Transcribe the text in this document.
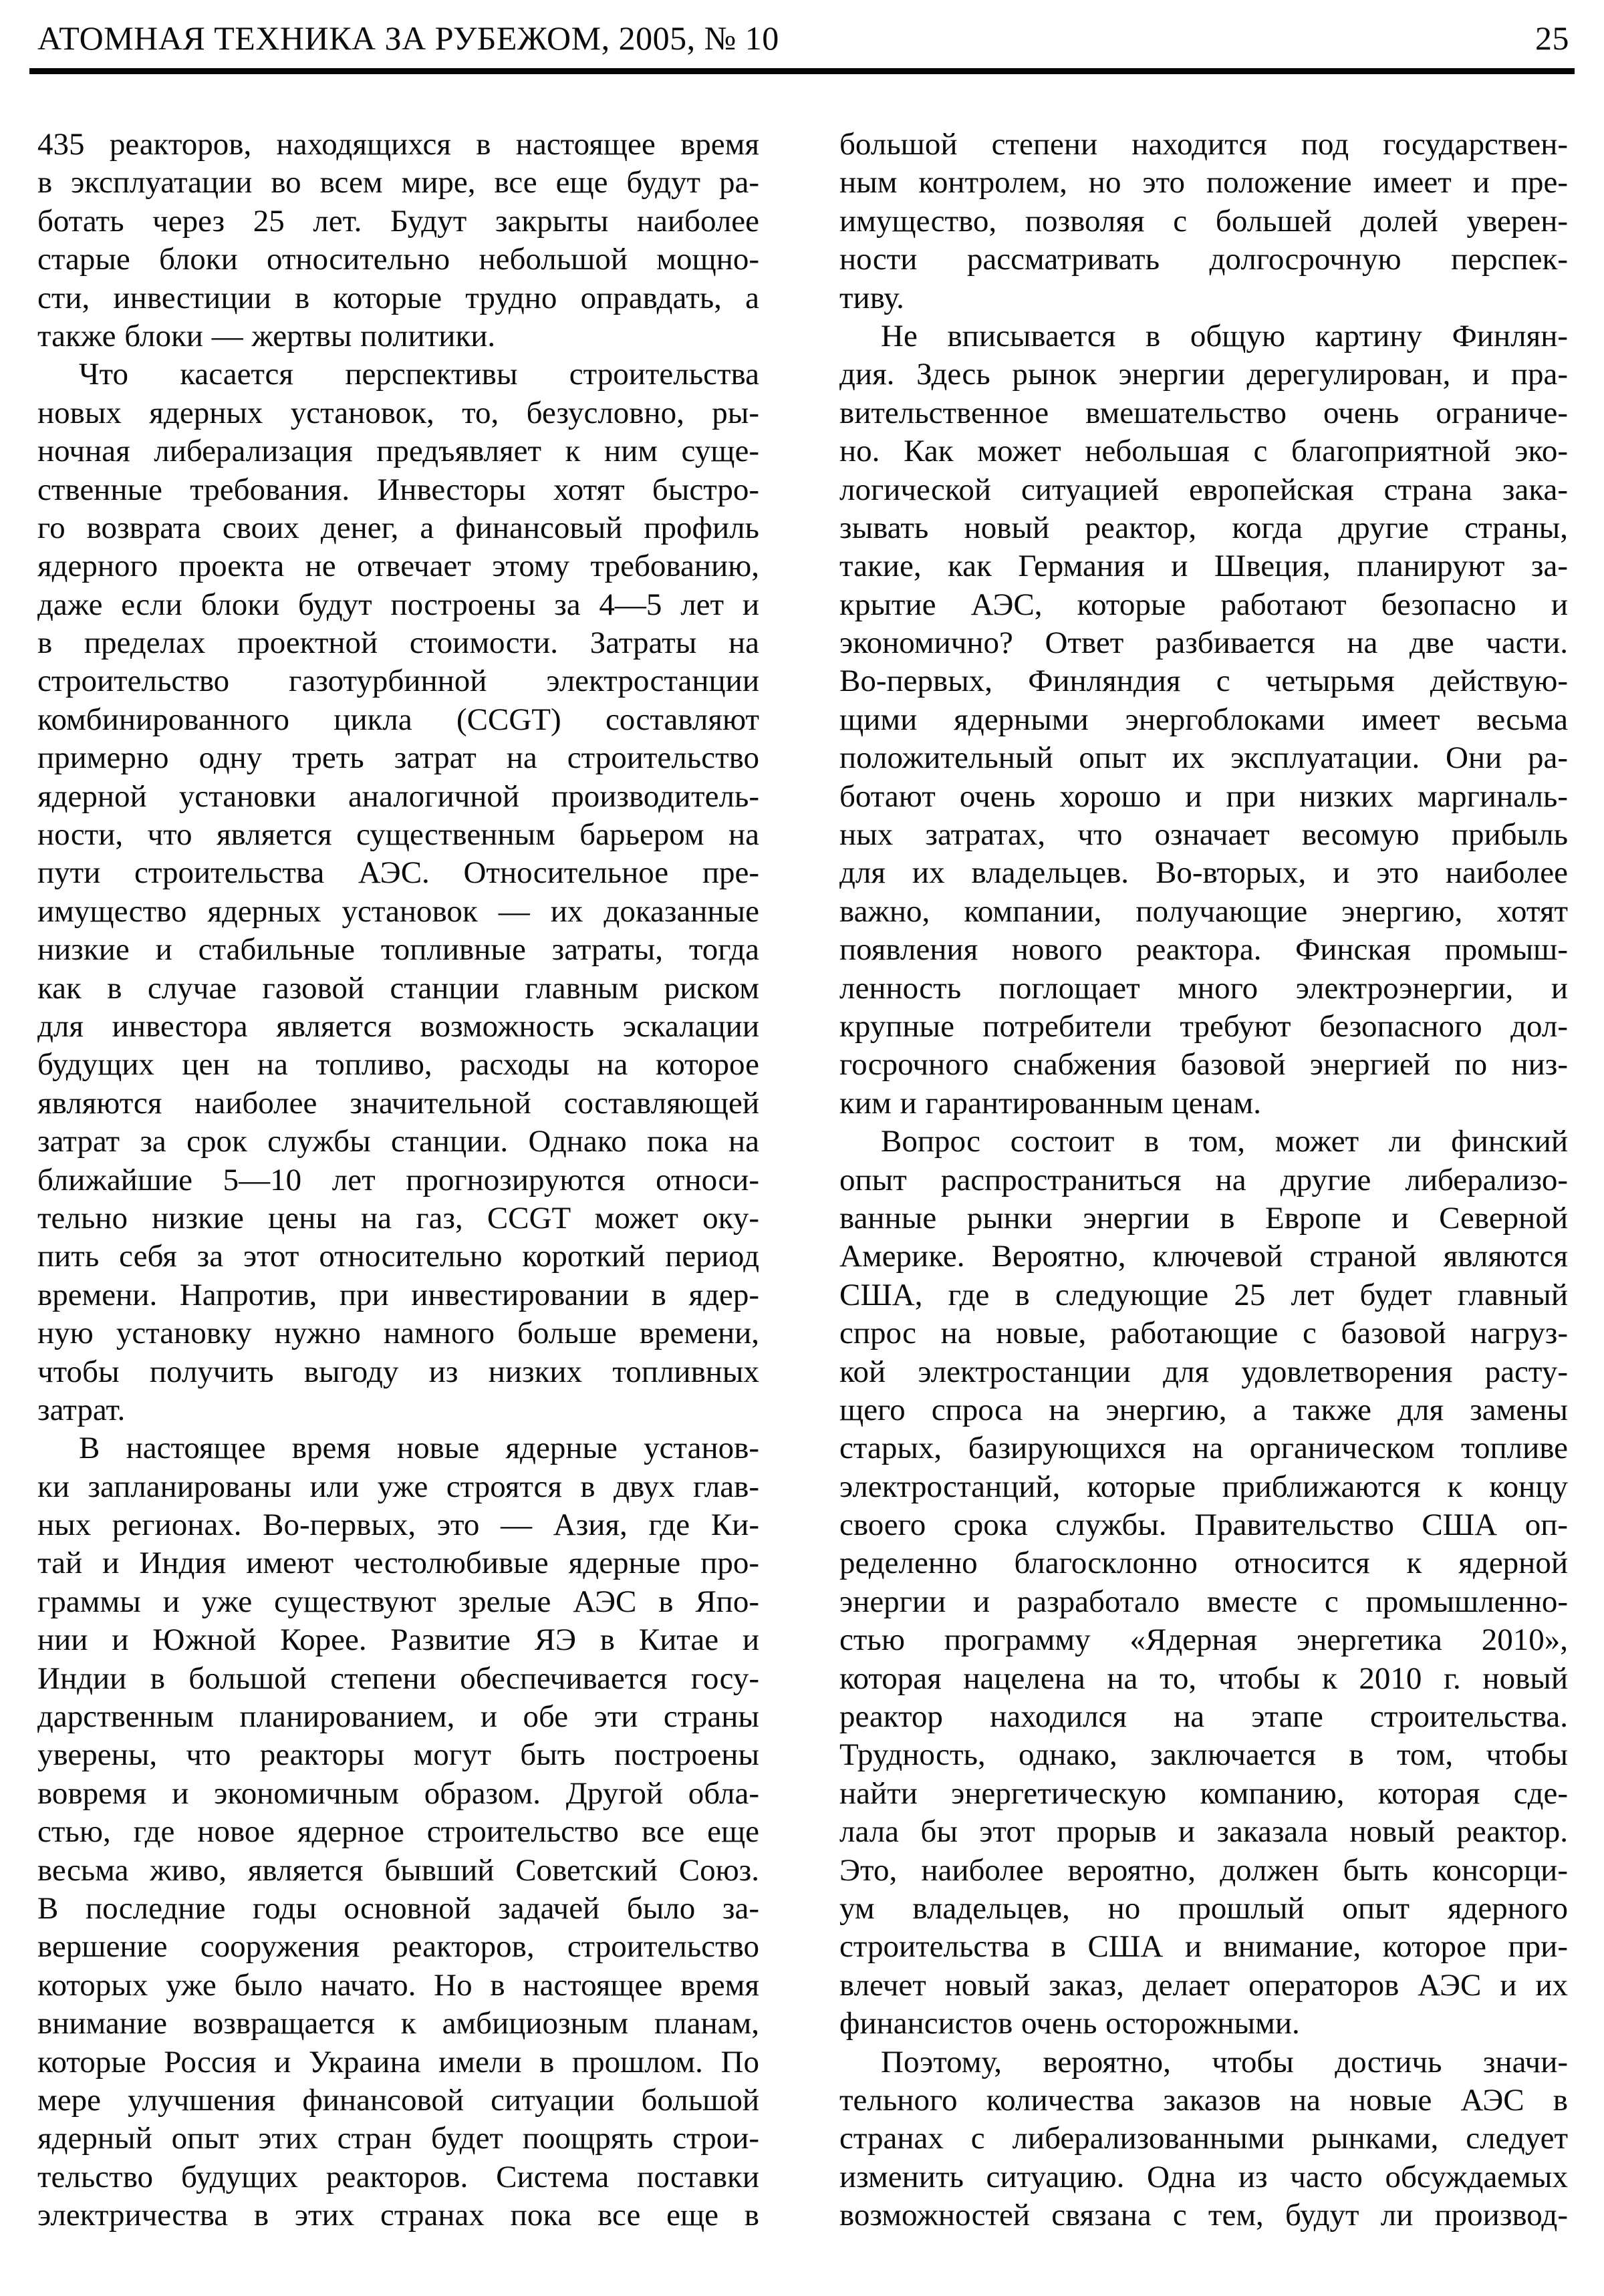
АТОМНАЯ ТЕХНИКА ЗА РУБЕЖОМ, 2005, № 10	25
435 реакторов, находящихся в настоящее время
в эксплуатации во всем мире, все еще будут ра-
ботать через 25 лет. Будут закрыты наиболее
старые блоки относительно небольшой мощно-
сти, инвестиции в которые трудно оправдать, а
также блоки — жертвы политики.
Что касается перспективы строительства
новых ядерных установок, то, безусловно, ры-
ночная либерализация предъявляет к ним суще-
ственные требования. Инвесторы хотят быстро-
го возврата своих денег, а финансовый профиль
ядерного проекта не отвечает этому требованию,
даже если блоки будут построены за 4—5 лет и
в пределах проектной стоимости. Затраты на
строительство газотурбинной электростанции
комбинированного цикла (CCGT) составляют
примерно одну треть затрат на строительство
ядерной установки аналогичной производитель-
ности, что является существенным барьером на
пути строительства АЭС. Относительное пре-
имущество ядерных установок — их доказанные
низкие и стабильные топливные затраты, тогда
как в случае газовой станции главным риском
для инвестора является возможность эскалации
будущих цен на топливо, расходы на которое
являются наиболее значительной составляющей
затрат за срок службы станции. Однако пока на
ближайшие 5—10 лет прогнозируются относи-
тельно низкие цены на газ, CCGT может оку-
пить себя за этот относительно короткий период
времени. Напротив, при инвестировании в ядер-
ную установку нужно намного больше времени,
чтобы получить выгоду из низких топливных
затрат.
В настоящее время новые ядерные установ-
ки запланированы или уже строятся в двух глав-
ных регионах. Во-первых, это — Азия, где Ки-
тай и Индия имеют честолюбивые ядерные про-
граммы и уже существуют зрелые АЭС в Япо-
нии и Южной Корее. Развитие ЯЭ в Китае и
Индии в большой степени обеспечивается госу-
дарственным планированием, и обе эти страны
уверены, что реакторы могут быть построены
вовремя и экономичным образом. Другой обла-
стью, где новое ядерное строительство все еще
весьма живо, является бывший Советский Союз.
В последние годы основной задачей было за-
вершение сооружения реакторов, строительство
которых уже было начато. Но в настоящее время
внимание возвращается к амбициозным планам,
которые Россия и Украина имели в прошлом. По
мере улучшения финансовой ситуации большой
ядерный опыт этих стран будет поощрять строи-
тельство будущих реакторов. Система поставки
электричества в этих странах пока все еще в
большой степени находится под государствен-
ным контролем, но это положение имеет и пре-
имущество, позволяя с большей долей уверен-
ности рассматривать долгосрочную перспек-
тиву.
Не вписывается в общую картину Финлян-
дия. Здесь рынок энергии дерегулирован, и пра-
вительственное вмешательство очень ограниче-
но. Как может небольшая с благоприятной эко-
логической ситуацией европейская страна зака-
зывать новый реактор, когда другие страны,
такие, как Германия и Швеция, планируют за-
крытие АЭС, которые работают безопасно и
экономично? Ответ разбивается на две части.
Во-первых, Финляндия с четырьмя действую-
щими ядерными энергоблоками имеет весьма
положительный опыт их эксплуатации. Они ра-
ботают очень хорошо и при низких маргиналь-
ных затратах, что означает весомую прибыль
для их владельцев. Во-вторых, и это наиболее
важно, компании, получающие энергию, хотят
появления нового реактора. Финская промыш-
ленность поглощает много электроэнергии, и
крупные потребители требуют безопасного дол-
госрочного снабжения базовой энергией по низ-
ким и гарантированным ценам.
Вопрос состоит в том, может ли финский
опыт распространиться на другие либерализо-
ванные рынки энергии в Европе и Северной
Америке. Вероятно, ключевой страной являются
США, где в следующие 25 лет будет главный
спрос на новые, работающие с базовой нагруз-
кой электростанции для удовлетворения расту-
щего спроса на энергию, а также для замены
старых, базирующихся на органическом топливе
электростанций, которые приближаются к концу
своего срока службы. Правительство США оп-
ределенно благосклонно относится к ядерной
энергии и разработало вместе с промышленно-
стью программу «Ядерная энергетика 2010»,
которая нацелена на то, чтобы к 2010 г. новый
реактор находился на этапе строительства.
Трудность, однако, заключается в том, чтобы
найти энергетическую компанию, которая сде-
лала бы этот прорыв и заказала новый реактор.
Это, наиболее вероятно, должен быть консорци-
ум владельцев, но прошлый опыт ядерного
строительства в США и внимание, которое при-
влечет новый заказ, делает операторов АЭС и их
финансистов очень осторожными.
Поэтому, вероятно, чтобы достичь значи-
тельного количества заказов на новые АЭС в
странах с либерализованными рынками, следует
изменить ситуацию. Одна из часто обсуждаемых
возможностей связана с тем, будут ли производ-
